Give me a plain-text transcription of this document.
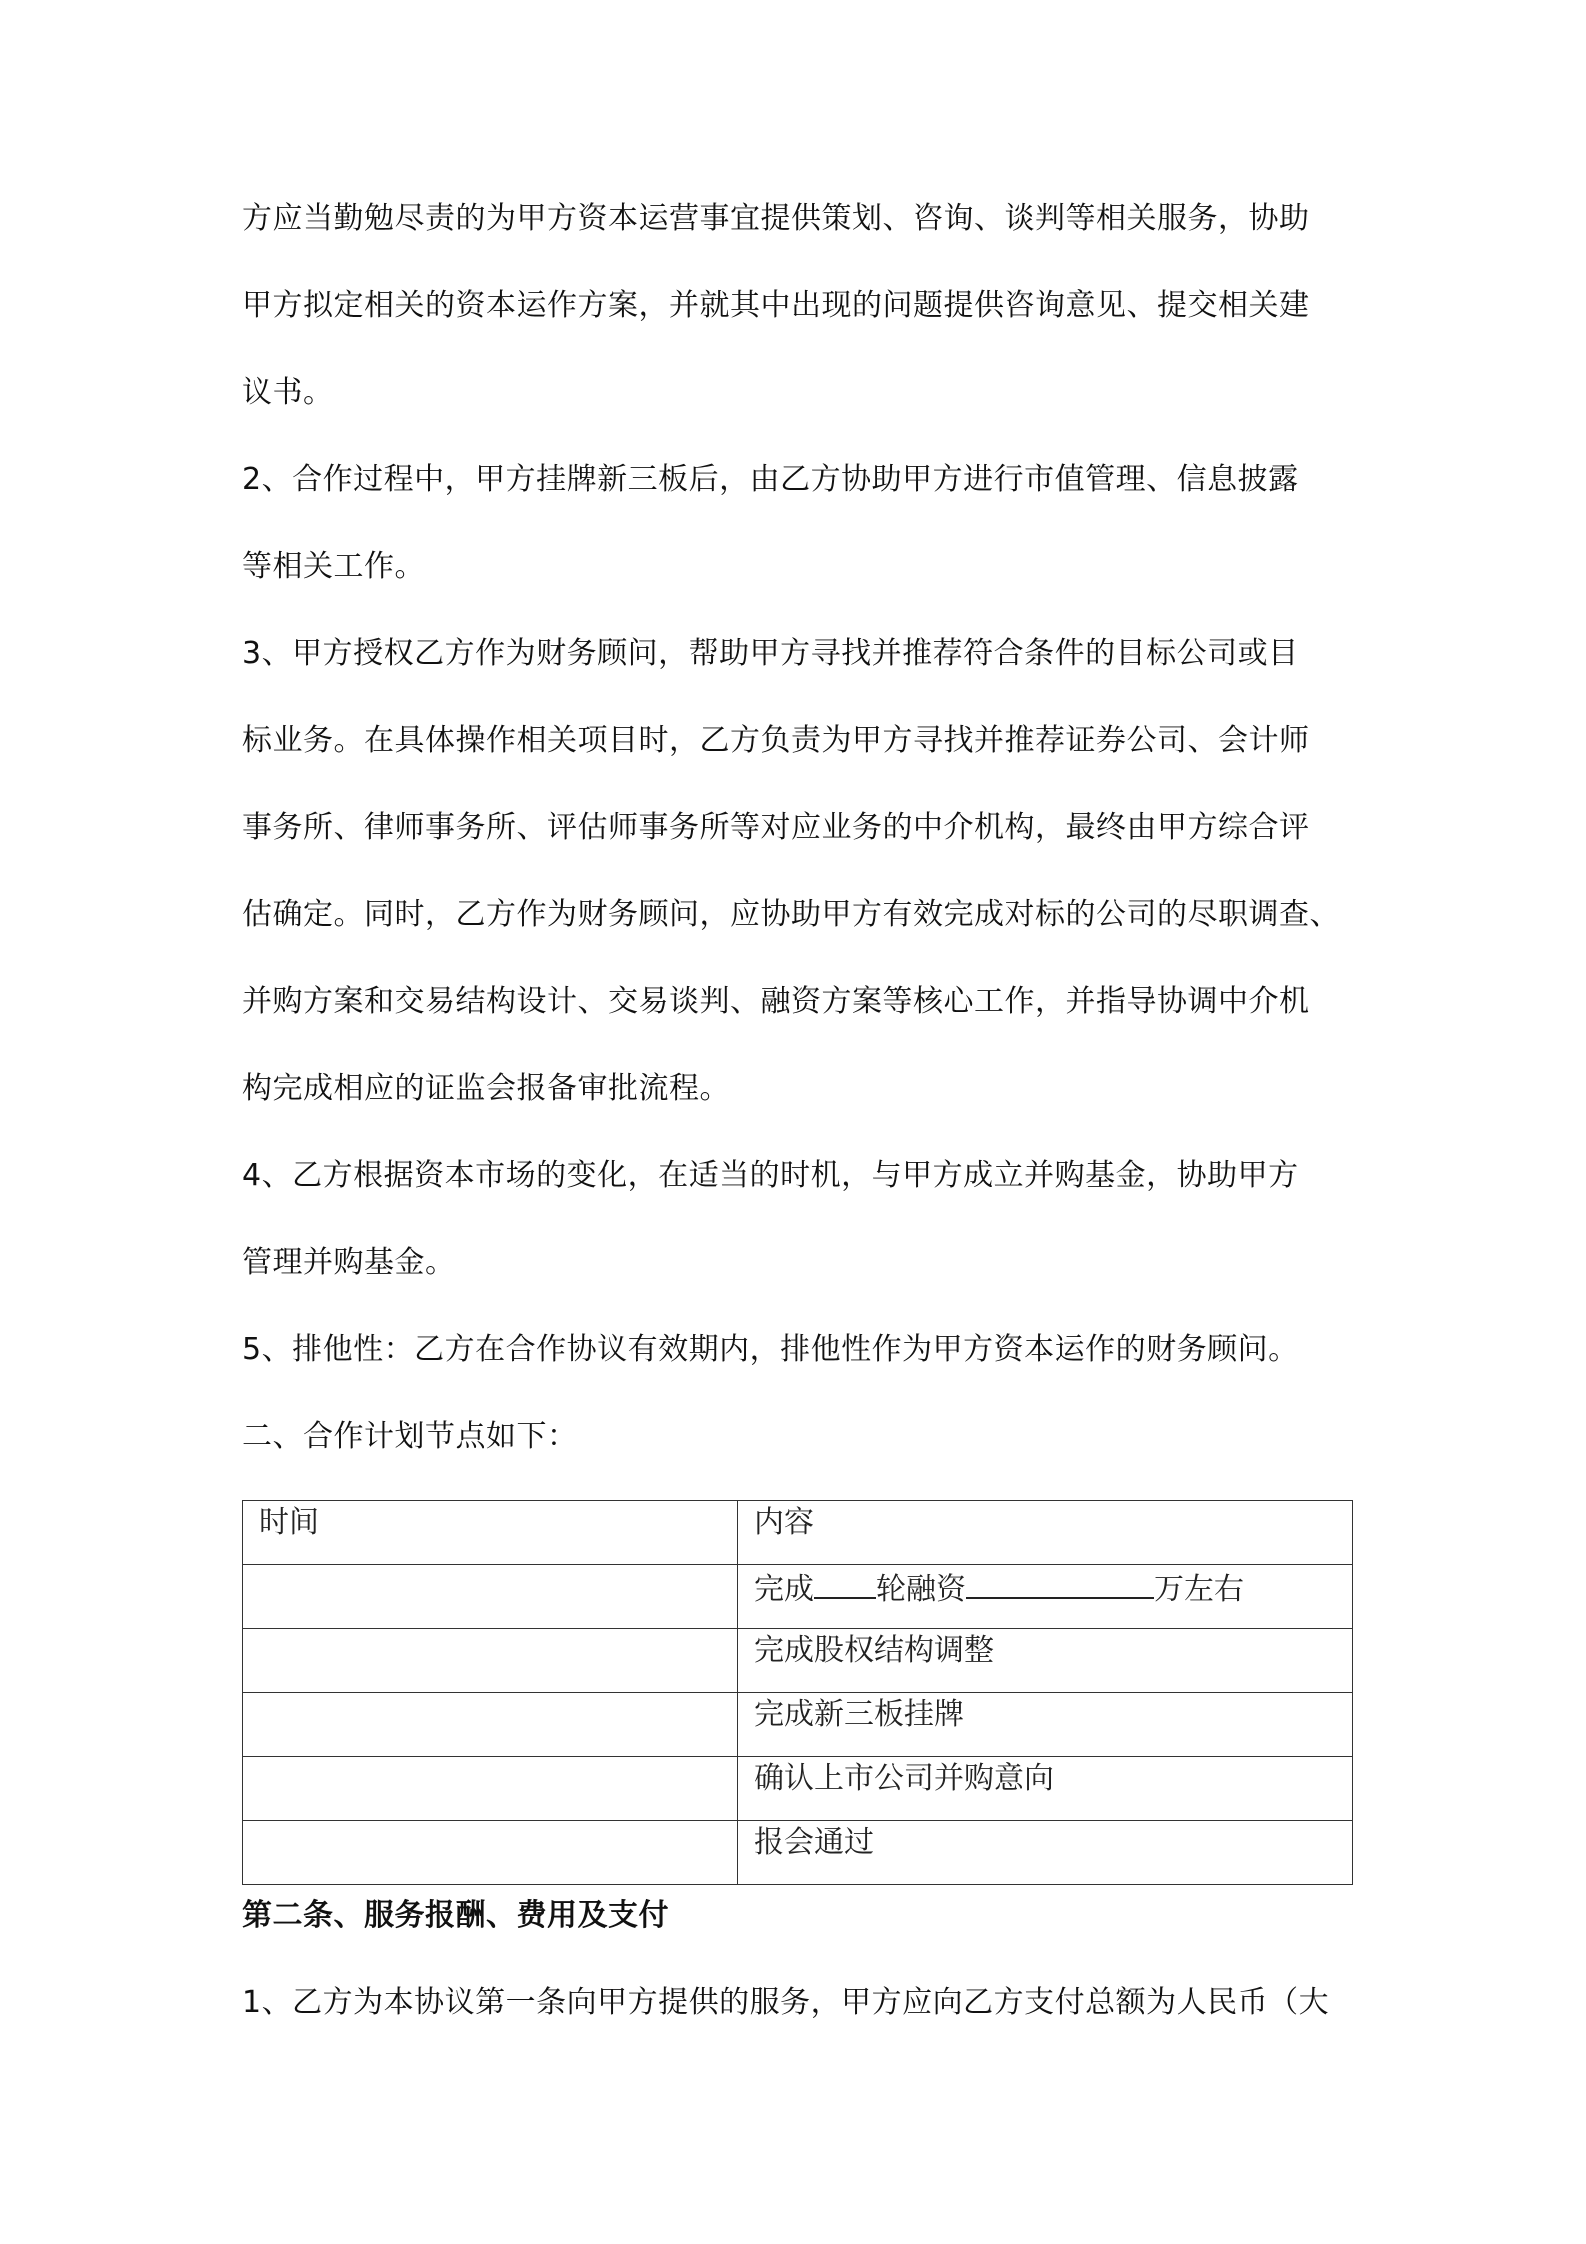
方应当勤勉尽责的为甲方资本运营事宜提供策划、咨询、谈判等相关服务，协助
甲方拟定相关的资本运作方案，并就其中出现的问题提供咨询意见、提交相关建
议书。
2、合作过程中，甲方挂牌新三板后，由乙方协助甲方进行市值管理、信息披露
等相关工作。
3、甲方授权乙方作为财务顾问，帮助甲方寻找并推荐符合条件的目标公司或目
标业务。在具体操作相关项目时，乙方负责为甲方寻找并推荐证券公司、会计师
事务所、律师事务所、评估师事务所等对应业务的中介机构，最终由甲方综合评
估确定。同时，乙方作为财务顾问，应协助甲方有效完成对标的公司的尽职调查、
并购方案和交易结构设计、交易谈判、融资方案等核心工作，并指导协调中介机
构完成相应的证监会报备审批流程。
4、乙方根据资本市场的变化，在适当的时机，与甲方成立并购基金，协助甲方
管理并购基金。
5、排他性：乙方在合作协议有效期内，排他性作为甲方资本运作的财务顾问。
二、合作计划节点如下：
时间	内容
	完成 轮融资 万左右
	完成股权结构调整
	完成新三板挂牌
	确认上市公司并购意向
	报会通过
第二条、服务报酬、费用及支付
1、乙方为本协议第一条向甲方提供的服务，甲方应向乙方支付总额为人民币（大
